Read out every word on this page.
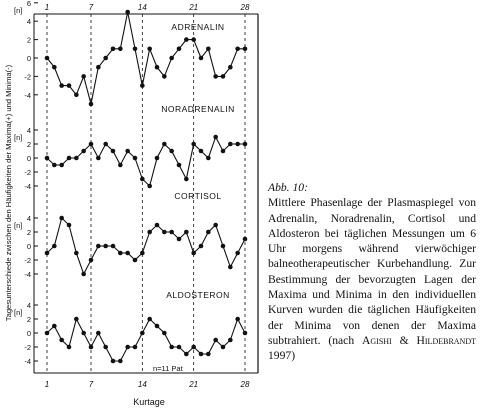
1
1
7
7
14
14
21
21
28
28
Kurtage
Tagesunterschiede zwischen den Häufigkeiten der Maxima(+) und Minima(-)
6
4
2
0
-2
-4
[n]
ADRENALIN
4
2
0
-2
-4
[n]
NORADRENALIN
4
2
0
-2
-4
[n]
CORTISOL
4
2
0
-2
-4
[n]
ALDOSTERON
n=11 Pat
Abb. 10:
Mittlere Phasenlage der Plasmaspiegel von Adrenalin, Noradrenalin, Cortisol und Aldosteron bei täglichen Messungen um 6 Uhr morgens während vierwöchiger balneotherapeutischer Kurbehandlung. Zur Bestimmung der bevorzugten Lagen der Maxima und Minima in den individuellen Kurven wurden die täglichen Häufigkeiten der Minima von denen der Maxima subtrahiert. (nach Agishi & Hildebrandt 1997)
